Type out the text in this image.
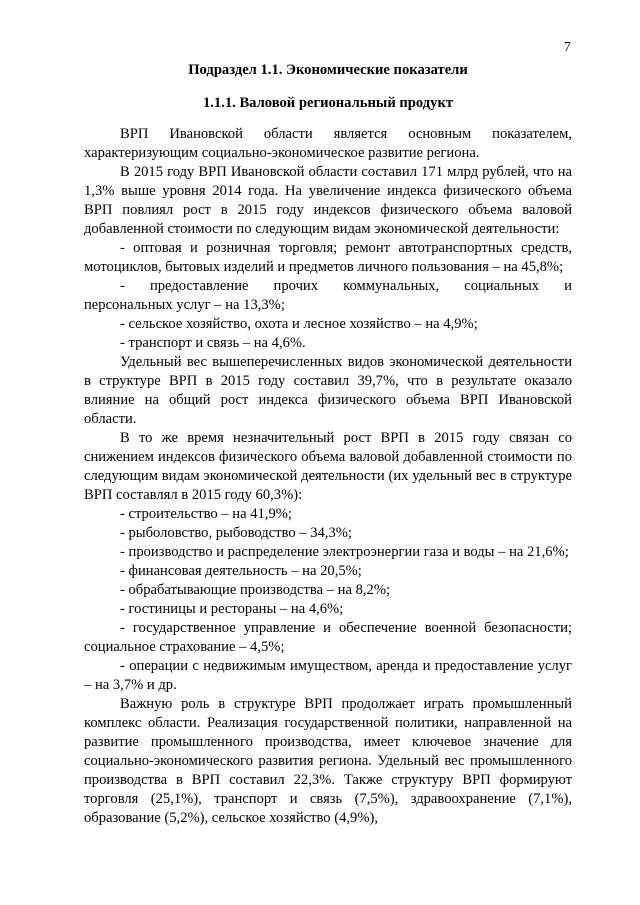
7
Подраздел 1.1. Экономические показатели
1.1.1. Валовой региональный продукт

ВРП Ивановской области является основным показателем, характеризующим социально-экономическое развитие региона.

В 2015 году ВРП Ивановской области составил 171 млрд рублей, что на 1,3% выше уровня 2014 года. На увеличение индекса физического объема ВРП повлиял рост в 2015 году индексов физического объема валовой добавленной стоимости по следующим видам экономической деятельности:

- оптовая и розничная торговля; ремонт автотранспортных средств, мотоциклов, бытовых изделий и предметов личного пользования – на 45,8%;

- предоставление прочих коммунальных, социальных и
персональных услуг – на 13,3%;

- сельское хозяйство, охота и лесное хозяйство – на 4,9%;

- транспорт и связь – на 4,6%.

Удельный вес вышеперечисленных видов экономической деятельности в структуре ВРП в 2015 году составил 39,7%, что в результате оказало влияние на общий рост индекса физического объема ВРП Ивановской области.

В то же время незначительный рост ВРП в 2015 году связан со снижением индексов физического объема валовой добавленной стоимости по следующим видам экономической деятельности (их удельный вес в структуре ВРП составлял в 2015 году 60,3%):

- строительство – на 41,9%;

- рыболовство, рыбоводство – 34,3%;

- производство и распределение электроэнергии газа и воды – на 21,6%;

- финансовая деятельность – на 20,5%;

- обрабатывающие производства – на 8,2%;

- гостиницы и рестораны – на 4,6%;

- государственное управление и обеспечение военной безопасности; социальное страхование – 4,5%;

- операции с недвижимым имуществом, аренда и предоставление услуг – на 3,7% и др.

Важную роль в структуре ВРП продолжает играть промышленный комплекс области. Реализация государственной политики, направленной на развитие промышленного производства, имеет ключевое значение для социально-экономического развития региона. Удельный вес промышленного производства в ВРП составил 22,3%. Также структуру ВРП формируют торговля (25,1%), транспорт и связь (7,5%), здравоохранение (7,1%), образование (5,2%), сельское хозяйство (4,9%),
